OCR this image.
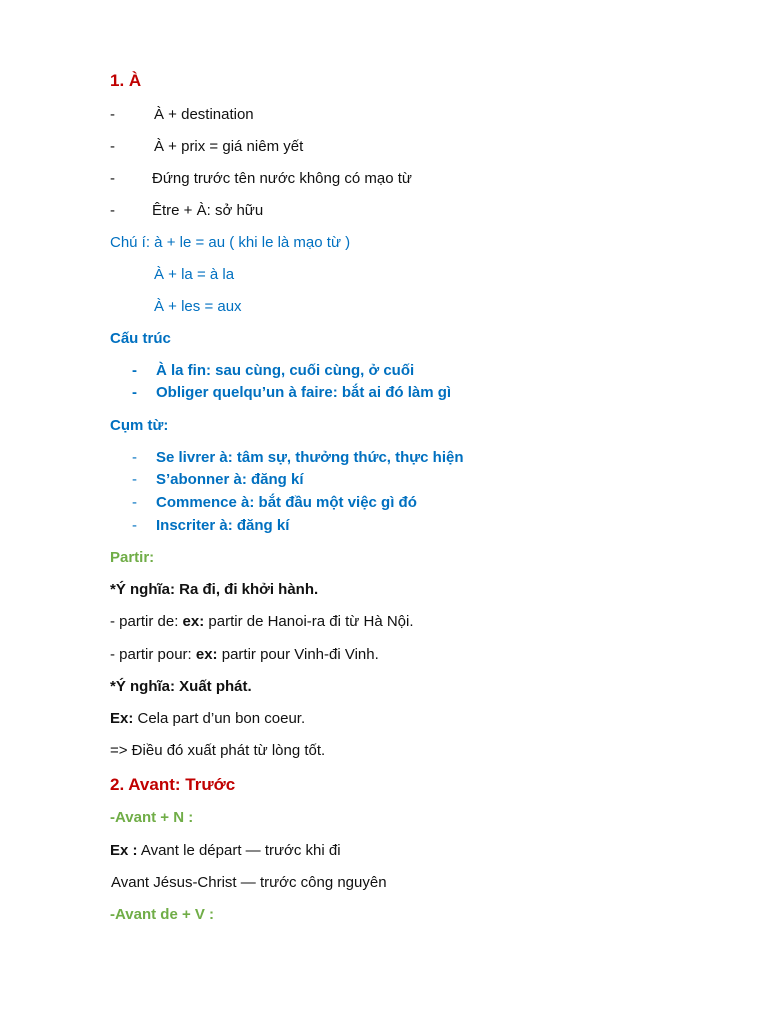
1. À
-	À + destination
-	À + prix = giá niêm yết
- Đứng trước tên nước không có mạo từ
- Être + À: sở hữu
Chú í: à + le = au ( khi le là mạo từ )
À + la = à la
À + les = aux
Cấu trúc
- À la fin: sau cùng, cuối cùng, ở cuối
- Obliger quelqu’un à faire: bắt ai đó làm gì
Cụm từ:
- Se livrer à: tâm sự, thưởng thức, thực hiện
- S’abonner à: đăng kí
- Commence à: bắt đầu một việc gì đó
- Inscriter à: đăng kí
Partir:
*Ý nghĩa: Ra đi, đi khởi hành.
- partir de: ex: partir de Hanoi-ra đi từ Hà Nội.
- partir pour: ex: partir pour Vinh-đi Vinh.
*Ý nghĩa: Xuất phát.
Ex: Cela part d’un bon coeur.
=> Điều đó xuất phát từ lòng tốt.
2. Avant: Trước
-Avant + N :
Ex : Avant le départ — trước khi đi
Avant Jésus-Christ — trước công nguyên
-Avant de + V :
